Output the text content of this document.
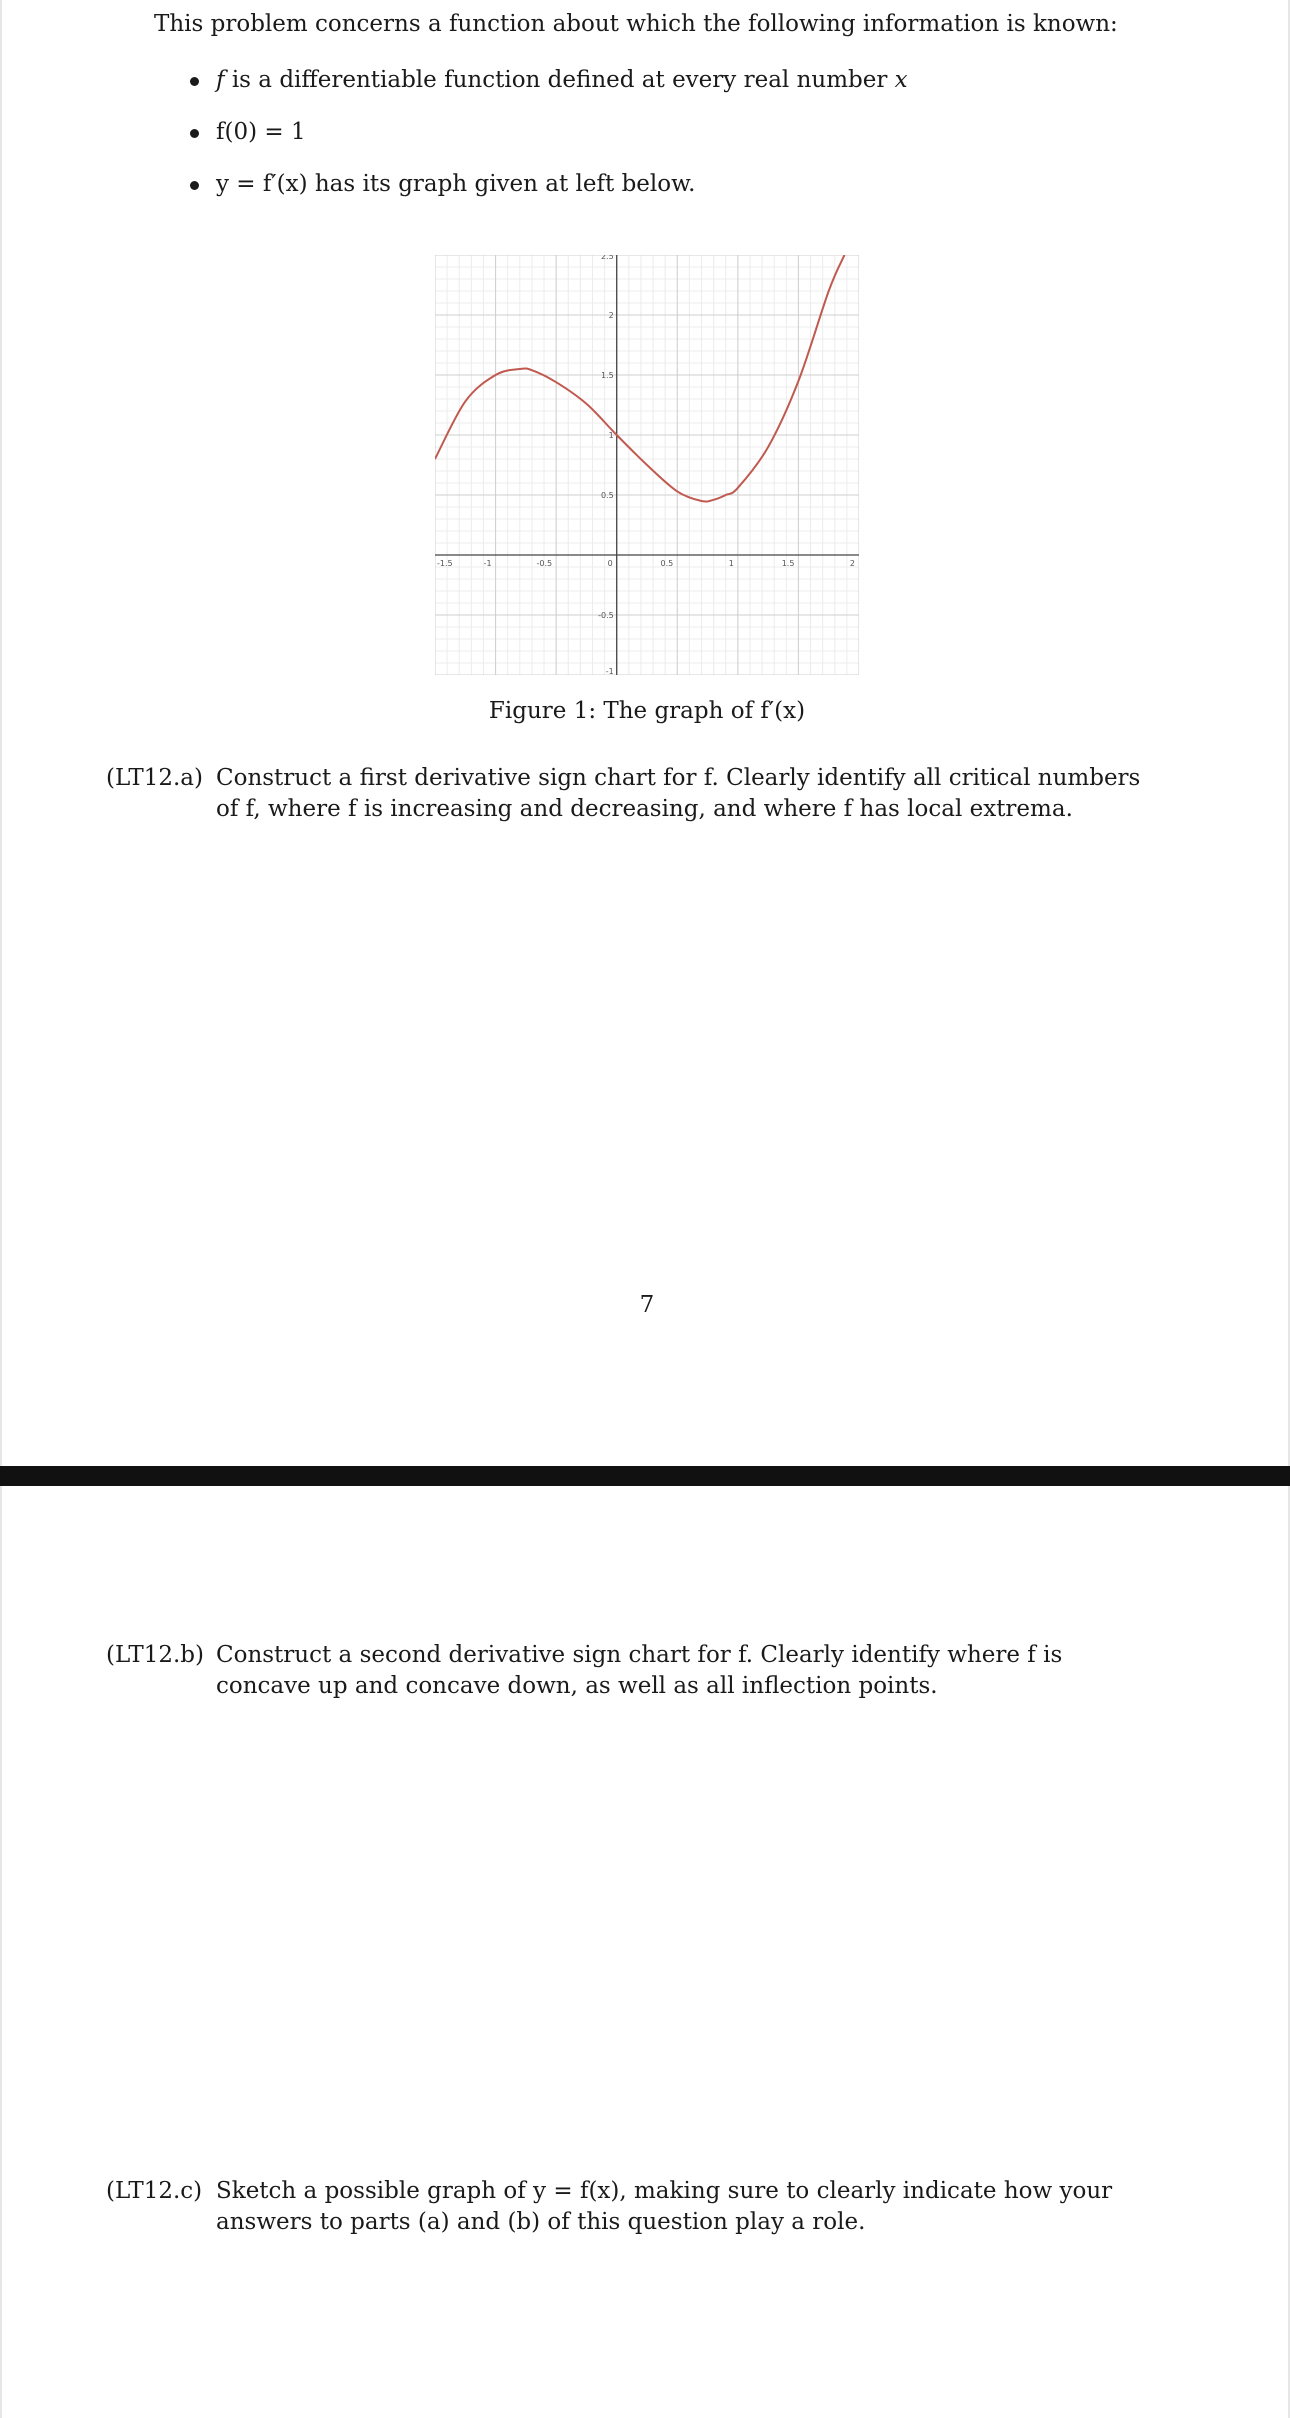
This problem concerns a function about which the following information is known:
f is a differentiable function defined at every real number x
f(0) = 1
y = f′(x) has its graph given at left below.
-1.5	-1	-0.5	0	0.5	1	1.5	2
-1
-0.5
0.5
1
1.5
2
2.5
Figure 1: The graph of f′(x)
(LT12.a) Construct a first derivative sign chart for f. Clearly identify all critical numbers of f, where f is increasing and decreasing, and where f has local extrema.
7
(LT12.b) Construct a second derivative sign chart for f. Clearly identify where f is concave up and concave down, as well as all inflection points.
(LT12.c) Sketch a possible graph of y = f(x), making sure to clearly indicate how your answers to parts (a) and (b) of this question play a role.
